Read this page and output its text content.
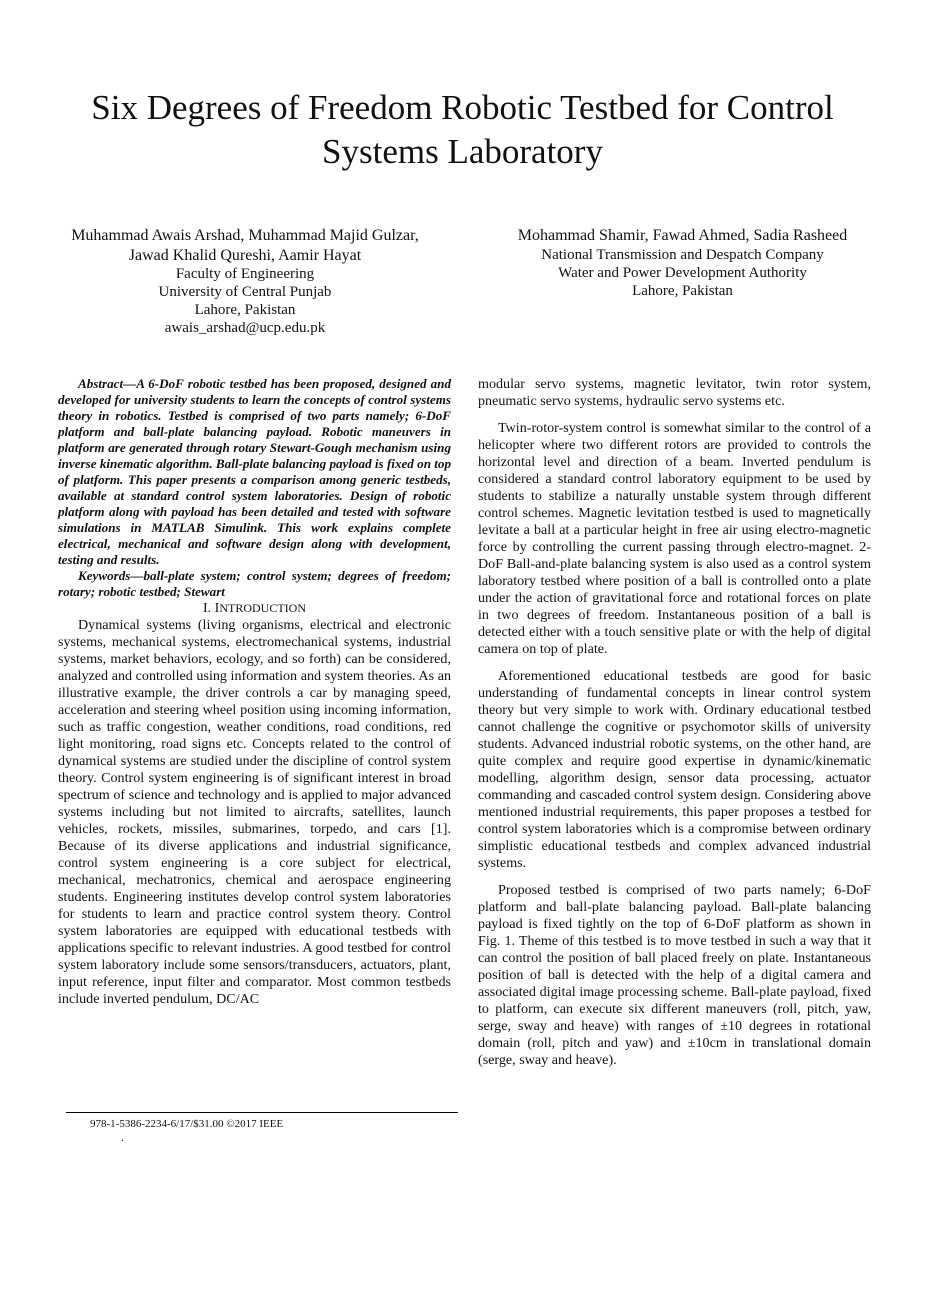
Six Degrees of Freedom Robotic Testbed for Control Systems Laboratory
Muhammad Awais Arshad, Muhammad Majid Gulzar,
Jawad Khalid Qureshi, Aamir Hayat
Faculty of Engineering
University of Central Punjab
Lahore, Pakistan
awais_arshad@ucp.edu.pk
Mohammad Shamir, Fawad Ahmed, Sadia Rasheed
National Transmission and Despatch Company
Water and Power Development Authority
Lahore, Pakistan

Abstract—A 6-DoF robotic testbed has been proposed, designed and developed for university students to learn the concepts of control systems theory in robotics. Testbed is comprised of two parts namely; 6-DoF platform and ball-plate balancing payload. Robotic maneuvers in platform are generated through rotary Stewart-Gough mechanism using inverse kinematic algorithm. Ball-plate balancing payload is fixed on top of platform. This paper presents a comparison among generic testbeds, available at standard control system laboratories. Design of robotic platform along with payload has been detailed and tested with software simulations in MATLAB Simulink. This work explains complete electrical, mechanical and software design along with development, testing and results.

Keywords—ball-plate system; control system; degrees of freedom; rotary; robotic testbed; Stewart

I. INTRODUCTION

Dynamical systems (living organisms, electrical and electronic systems, mechanical systems, electromechanical systems, industrial systems, market behaviors, ecology, and so forth) can be considered, analyzed and controlled using information and system theories. As an illustrative example, the driver controls a car by managing speed, acceleration and steering wheel position using incoming information, such as traffic congestion, weather conditions, road conditions, red light monitoring, road signs etc. Concepts related to the control of dynamical systems are studied under the discipline of control system theory. Control system engineering is of significant interest in broad spectrum of science and technology and is applied to major advanced systems including but not limited to aircrafts, satellites, launch vehicles, rockets, missiles, submarines, torpedo, and cars [1]. Because of its diverse applications and industrial significance, control system engineering is a core subject for electrical, mechanical, mechatronics, chemical and aerospace engineering students. Engineering institutes develop control system laboratories for students to learn and practice control system theory. Control system laboratories are equipped with educational testbeds with applications specific to relevant industries. A good testbed for control system laboratory include some sensors/transducers, actuators, plant, input reference, input filter and comparator. Most common testbeds include inverted pendulum, DC/AC

modular servo systems, magnetic levitator, twin rotor system, pneumatic servo systems, hydraulic servo systems etc.

Twin-rotor-system control is somewhat similar to the control of a helicopter where two different rotors are provided to controls the horizontal level and direction of a beam. Inverted pendulum is considered a standard control laboratory equipment to be used by students to stabilize a naturally unstable system through different control schemes. Magnetic levitation testbed is used to magnetically levitate a ball at a particular height in free air using electro-magnetic force by controlling the current passing through electro-magnet. 2-DoF Ball-and-plate balancing system is also used as a control system laboratory testbed where position of a ball is controlled onto a plate under the action of gravitational force and rotational forces on plate in two degrees of freedom. Instantaneous position of a ball is detected either with a touch sensitive plate or with the help of digital camera on top of plate.

Aforementioned educational testbeds are good for basic understanding of fundamental concepts in linear control system theory but very simple to work with. Ordinary educational testbed cannot challenge the cognitive or psychomotor skills of university students. Advanced industrial robotic systems, on the other hand, are quite complex and require good expertise in dynamic/kinematic modelling, algorithm design, sensor data processing, actuator commanding and cascaded control system design. Considering above mentioned industrial requirements, this paper proposes a testbed for control system laboratories which is a compromise between ordinary simplistic educational testbeds and complex advanced industrial systems.

Proposed testbed is comprised of two parts namely; 6-DoF platform and ball-plate balancing payload. Ball-plate balancing payload is fixed tightly on the top of 6-DoF platform as shown in Fig. 1. Theme of this testbed is to move testbed in such a way that it can control the position of ball placed freely on plate. Instantaneous position of ball is detected with the help of a digital camera and associated digital image processing scheme. Ball-plate payload, fixed to platform, can execute six different maneuvers (roll, pitch, yaw, serge, sway and heave) with ranges of ±10 degrees in rotational domain (roll, pitch and yaw) and ±10cm in translational domain (serge, sway and heave).

978-1-5386-2234-6/17/$31.00 ©2017 IEEE
.
